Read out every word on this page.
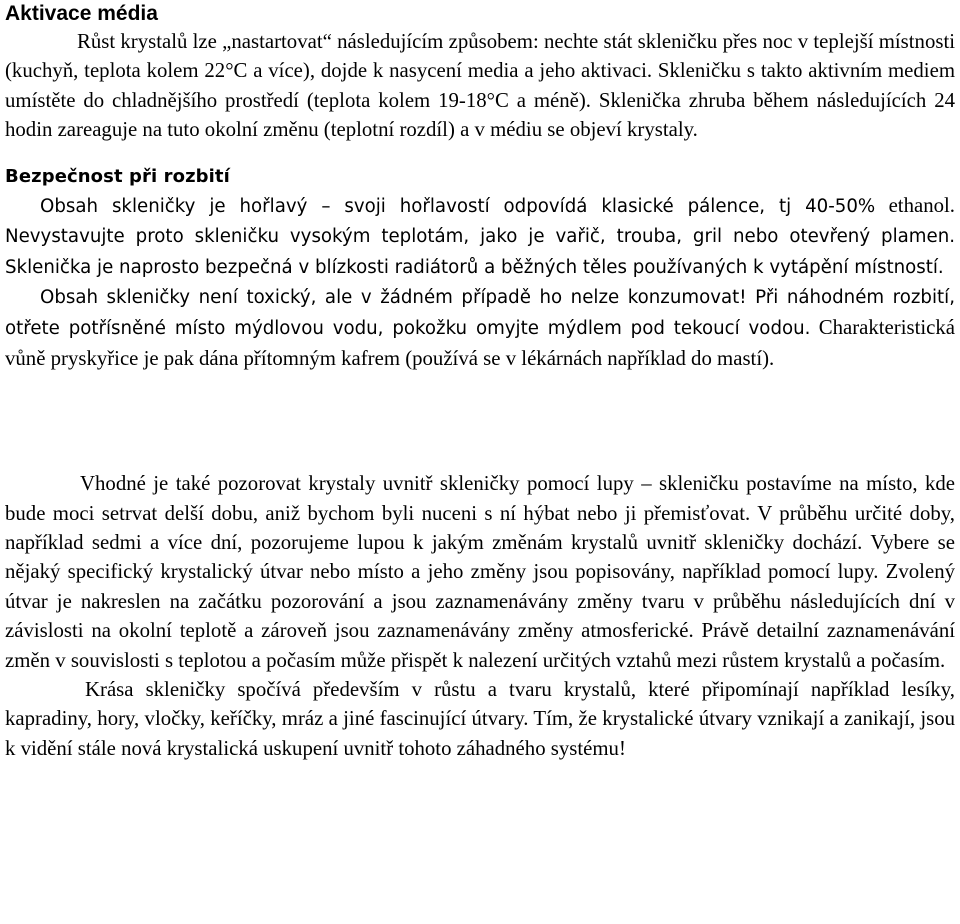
Aktivace média

Růst krystalů lze „nastartovat“ následujícím způsobem: nechte stát skleničku přes noc v teplejší místnosti (kuchyň, teplota kolem 22°C a více), dojde k nasycení media a jeho aktivaci. Skleničku s takto aktivním mediem umístěte do chladnějšího prostředí (teplota kolem 19-18°C a méně). Sklenička zhruba během následujících 24 hodin zareaguje na tuto okolní změnu (teplotní rozdíl) a v médiu se objeví krystaly.

Bezpečnost při rozbití

Obsah skleničky je hořlavý – svoji hořlavostí odpovídá klasické pálence, tj 40-50% ethanol. Nevystavujte proto skleničku vysokým teplotám, jako je vařič, trouba, gril nebo otevřený plamen. Sklenička je naprosto bezpečná v blízkosti radiátorů a běžných těles používaných k vytápění místností.

Obsah skleničky není toxický, ale v žádném případě ho nelze konzumovat! Při náhodném rozbití, otřete potřísněné místo mýdlovou vodu, pokožku omyjte mýdlem pod tekoucí vodou. Charakteristická vůně pryskyřice je pak dána přítomným kafrem (používá se v lékárnách například do mastí).

Vhodné je také pozorovat krystaly uvnitř skleničky pomocí lupy – skleničku postavíme na místo, kde bude moci setrvat delší dobu, aniž bychom byli nuceni s ní hýbat nebo ji přemisťovat. V průběhu určité doby, například sedmi a více dní, pozorujeme lupou k jakým změnám krystalů uvnitř skleničky dochází. Vybere se nějaký specifický krystalický útvar nebo místo a jeho změny jsou popisovány, například pomocí lupy. Zvolený útvar je nakreslen na začátku pozorování a jsou zaznamenávány změny tvaru v průběhu následujících dní v závislosti na okolní teplotě a zároveň jsou zaznamenávány změny atmosferické. Právě detailní zaznamenávání změn v souvislosti s teplotou a počasím může přispět k nalezení určitých vztahů mezi růstem krystalů a počasím.

Krása skleničky spočívá především v růstu a tvaru krystalů, které připomínají například lesíky, kapradiny, hory, vločky, keříčky, mráz a jiné fascinující útvary. Tím, že krystalické útvary vznikají a zanikají, jsou k vidění stále nová krystalická uskupení uvnitř tohoto záhadného systému!
